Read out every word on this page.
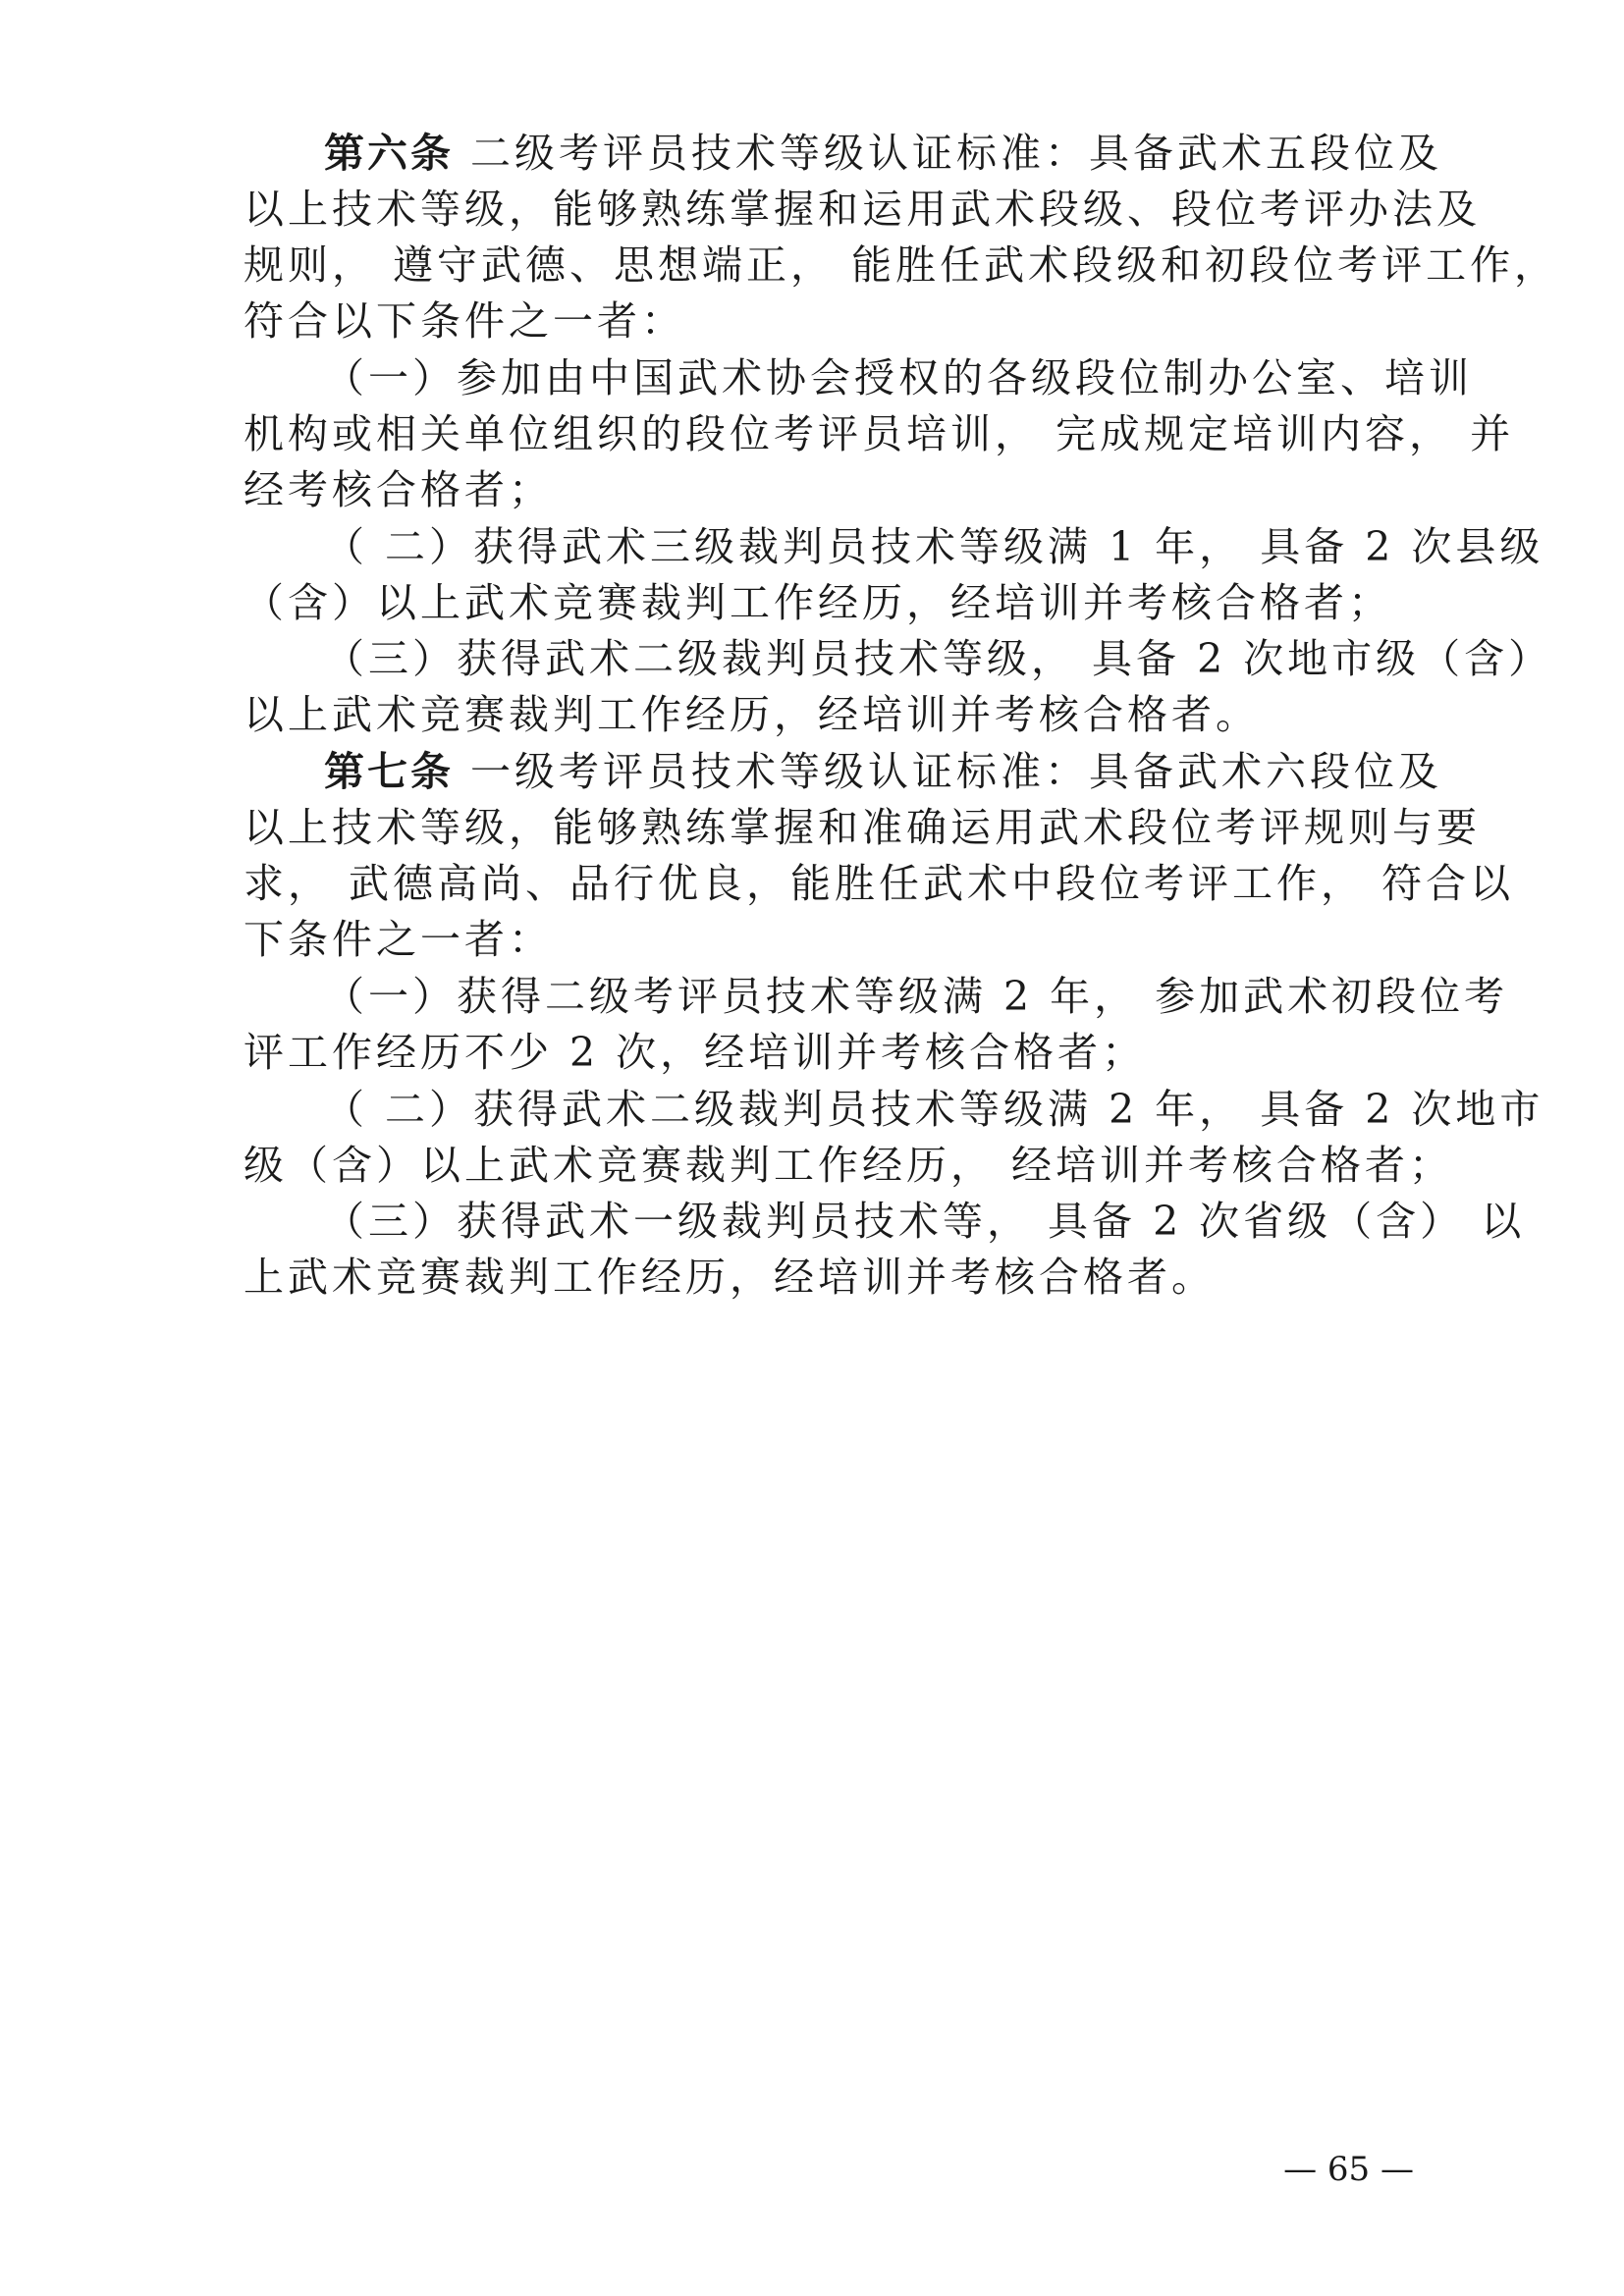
第六条 二级考评员技术等级认证标准：具备武术五段位及
以上技术等级，能够熟练掌握和运用武术段级、段位考评办法及
规则， 遵守武德、思想端正， 能胜任武术段级和初段位考评工作，
符合以下条件之一者：
（一）参加由中国武术协会授权的各级段位制办公室、培训
机构或相关单位组织的段位考评员培训， 完成规定培训内容， 并
经考核合格者；
（ 二）获得武术三级裁判员技术等级满 1 年， 具备 2 次县级
（含）以上武术竞赛裁判工作经历，经培训并考核合格者；
（三）获得武术二级裁判员技术等级， 具备 2 次地市级（含）
以上武术竞赛裁判工作经历，经培训并考核合格者。
第七条 一级考评员技术等级认证标准：具备武术六段位及
以上技术等级，能够熟练掌握和准确运用武术段位考评规则与要
求， 武德高尚、品行优良，能胜任武术中段位考评工作， 符合以
下条件之一者：
（一）获得二级考评员技术等级满 2 年， 参加武术初段位考
评工作经历不少 2 次，经培训并考核合格者；
（ 二）获得武术二级裁判员技术等级满 2 年， 具备 2 次地市
级（含）以上武术竞赛裁判工作经历， 经培训并考核合格者；
（三）获得武术一级裁判员技术等， 具备 2 次省级（含） 以
上武术竞赛裁判工作经历，经培训并考核合格者。
— 65 —
